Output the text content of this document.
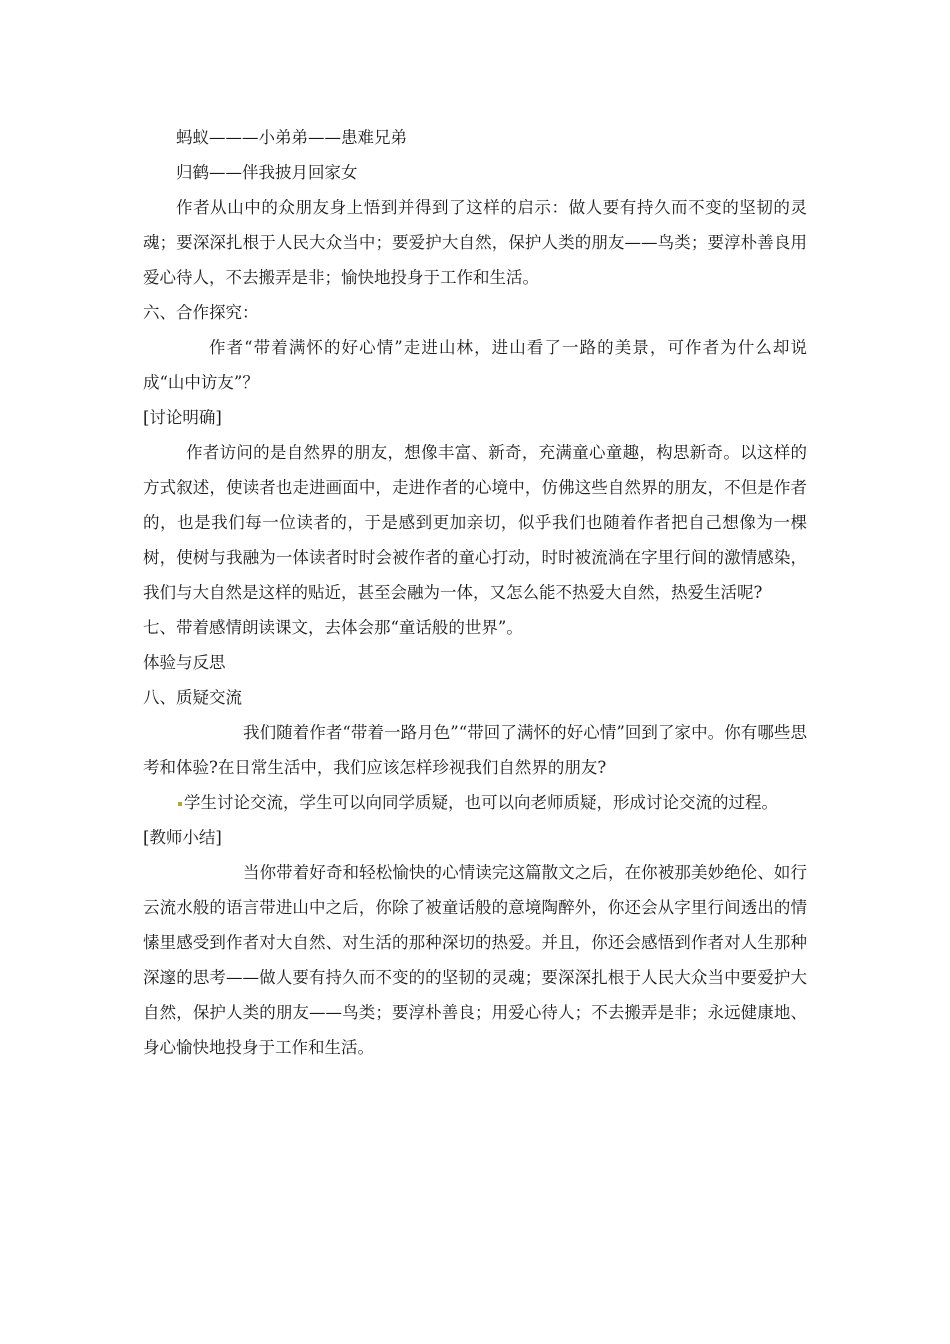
蚂蚁———小弟弟——患难兄弟

归鹤——伴我披月回家女

作者从山中的众朋友身上悟到并得到了这样的启示：做人要有持久而不变的坚韧的灵魂；要深深扎根于人民大众当中；要爱护大自然，保护人类的朋友——鸟类；要淳朴善良用爱心待人，不去搬弄是非；愉快地投身于工作和生活。

六、合作探究：

作者“带着满怀的好心情”走进山林，进山看了一路的美景，可作者为什么却说成“山中访友”？

[讨论明确]

作者访问的是自然界的朋友，想像丰富、新奇，充满童心童趣，构思新奇。以这样的方式叙述，使读者也走进画面中，走进作者的心境中，仿佛这些自然界的朋友，不但是作者的，也是我们每一位读者的，于是感到更加亲切，似乎我们也随着作者把自己想像为一棵树，使树与我融为一体读者时时会被作者的童心打动，时时被流淌在字里行间的激情感染，我们与大自然是这样的贴近，甚至会融为一体，又怎么能不热爱大自然，热爱生活呢?

七、带着感情朗读课文，去体会那“童话般的世界”。

体验与反思

八、质疑交流

我们随着作者“带着一路月色”“带回了满怀的好心情”回到了家中。你有哪些思考和体验?在日常生活中，我们应该怎样珍视我们自然界的朋友?

学生讨论交流，学生可以向同学质疑，也可以向老师质疑，形成讨论交流的过程。

[教师小结]

当你带着好奇和轻松愉快的心情读完这篇散文之后，在你被那美妙绝伦、如行云流水般的语言带进山中之后，你除了被童话般的意境陶醉外，你还会从字里行间透出的情愫里感受到作者对大自然、对生活的那种深切的热爱。并且，你还会感悟到作者对人生那种深邃的思考——做人要有持久而不变的的坚韧的灵魂；要深深扎根于人民大众当中要爱护大自然，保护人类的朋友——鸟类；要淳朴善良；用爱心待人；不去搬弄是非；永远健康地、身心愉快地投身于工作和生活。
